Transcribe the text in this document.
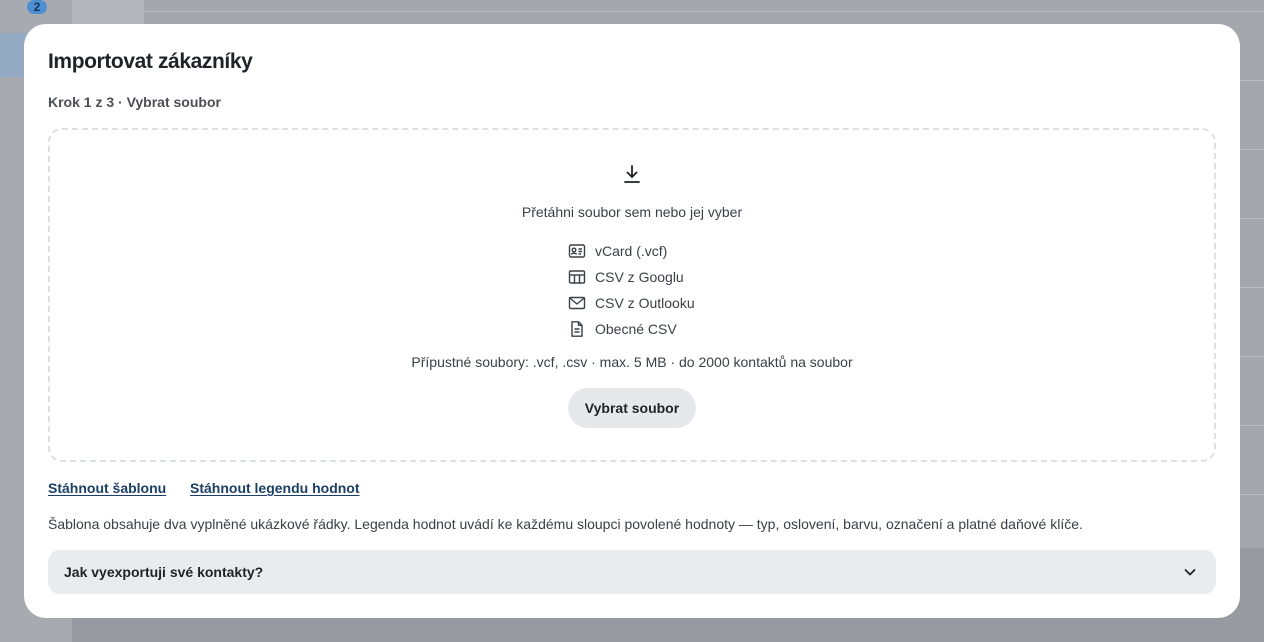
2
Importovat zákazníky
Krok 1 z 3 · Vybrat soubor
Přetáhni soubor sem nebo jej vyber
vCard (.vcf)
CSV z Googlu
CSV z Outlooku
Obecné CSV
Přípustné soubory: .vcf, .csv · max. 5 MB · do 2000 kontaktů na soubor
Vybrat soubor
Stáhnout šablonu Stáhnout legendu hodnot
Šablona obsahuje dva vyplněné ukázkové řádky. Legenda hodnot uvádí ke každému sloupci povolené hodnoty — typ, oslovení, barvu, označení a platné daňové klíče.
Jak vyexportuji své kontakty?
